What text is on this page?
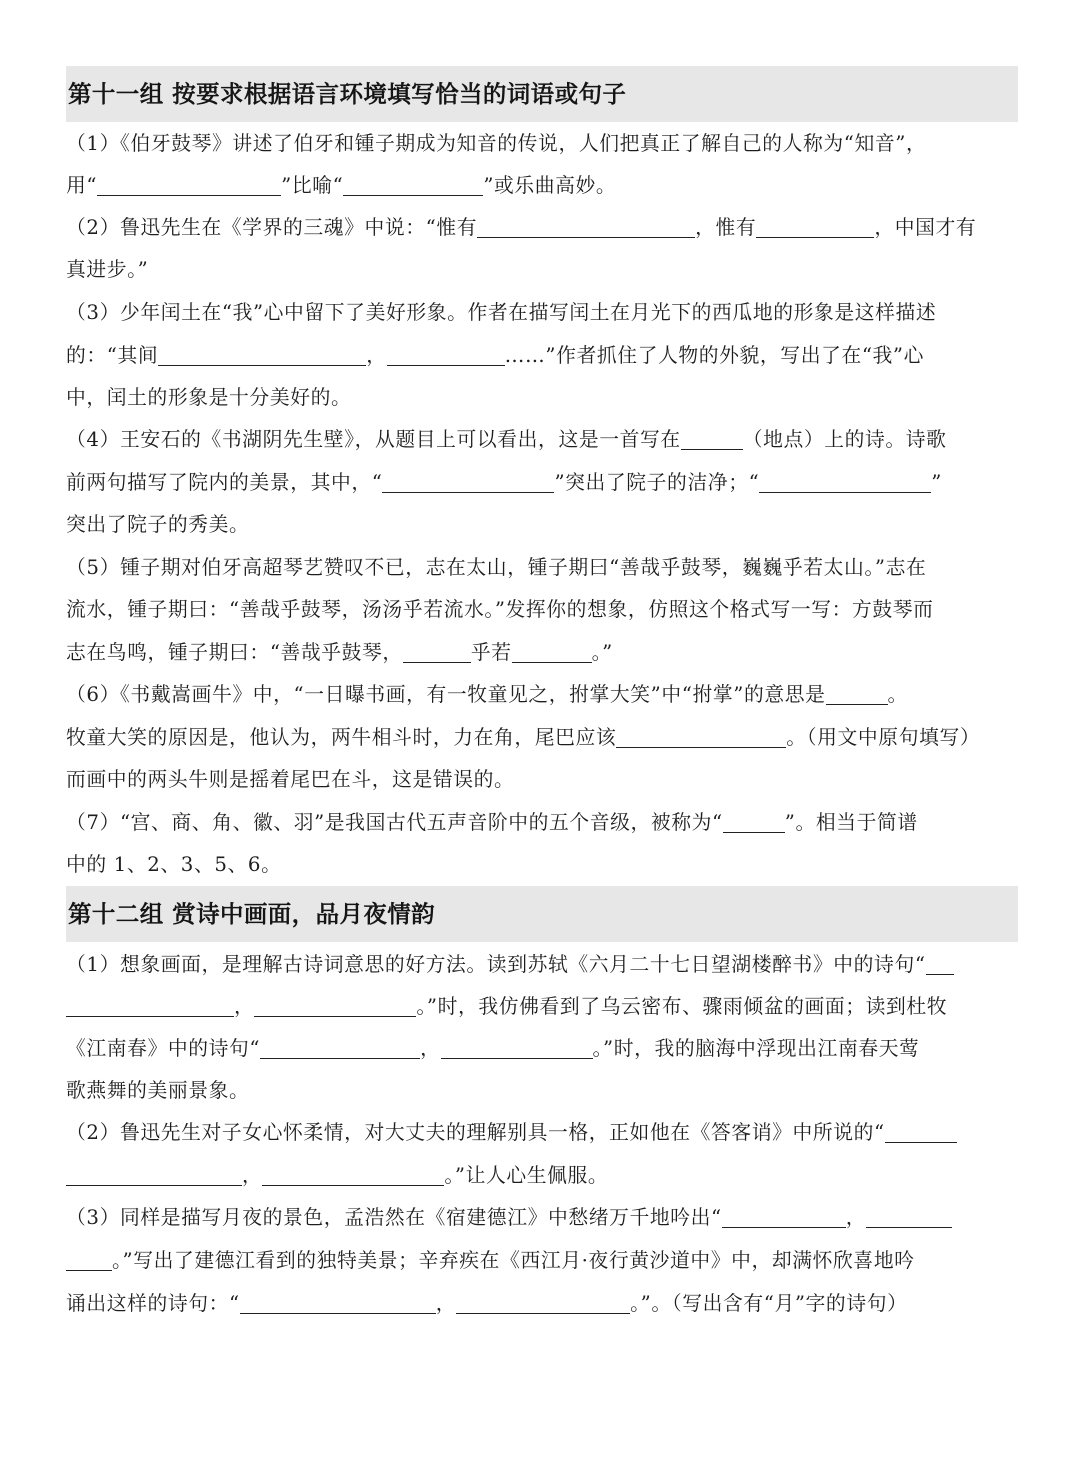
第十一组 按要求根据语言环境填写恰当的词语或句子
（1）《伯牙鼓琴》讲述了伯牙和锺子期成为知音的传说，人们把真正了解自己的人称为“知音”，
用“	”比喻“	”或乐曲高妙。
（2）鲁迅先生在《学界的三魂》中说：“惟有	，惟有	，中国才有
真进步。”
（3）少年闰土在“我”心中留下了美好形象。作者在描写闰土在月光下的西瓜地的形象是这样描述
的：“其间	，	……”作者抓住了人物的外貌，写出了在“我”心
中，闰土的形象是十分美好的。
（4）王安石的《书湖阴先生壁》，从题目上可以看出，这是一首写在	（地点）上的诗。诗歌
前两句描写了院内的美景，其中，“	”突出了院子的洁净；“	”
突出了院子的秀美。
（5）锺子期对伯牙高超琴艺赞叹不已，志在太山，锺子期曰“善哉乎鼓琴，巍巍乎若太山。”志在
流水，锺子期曰：“善哉乎鼓琴，汤汤乎若流水。”发挥你的想象，仿照这个格式写一写：方鼓琴而
志在鸟鸣，锺子期曰：“善哉乎鼓琴，	乎若	。”
（6）《书戴嵩画牛》中，“一日曝书画，有一牧童见之，拊掌大笑”中“拊掌”的意思是	。
牧童大笑的原因是，他认为，两牛相斗时，力在角，尾巴应该	。（用文中原句填写）
而画中的两头牛则是摇着尾巴在斗，这是错误的。
（7）“宫、商、角、徽、羽”是我国古代五声音阶中的五个音级，被称为“	”。相当于简谱
中的 1、2、3、5、6。
第十二组 赏诗中画面，品月夜情韵
（1）想象画面，是理解古诗词意思的好方法。读到苏轼《六月二十七日望湖楼醉书》中的诗句“
，	。”时，我仿佛看到了乌云密布、骤雨倾盆的画面；读到杜牧
《江南春》中的诗句“	，	。”时，我的脑海中浮现出江南春天莺
歌燕舞的美丽景象。
（2）鲁迅先生对子女心怀柔情，对大丈夫的理解别具一格，正如他在《答客诮》中所说的“
，	。”让人心生佩服。
（3）同样是描写月夜的景色，孟浩然在《宿建德江》中愁绪万千地吟出“	，
。”写出了建德江看到的独特美景；辛弃疾在《西江月·夜行黄沙道中》中，却满怀欣喜地吟
诵出这样的诗句：“	，	。”。（写出含有“月”字的诗句）
